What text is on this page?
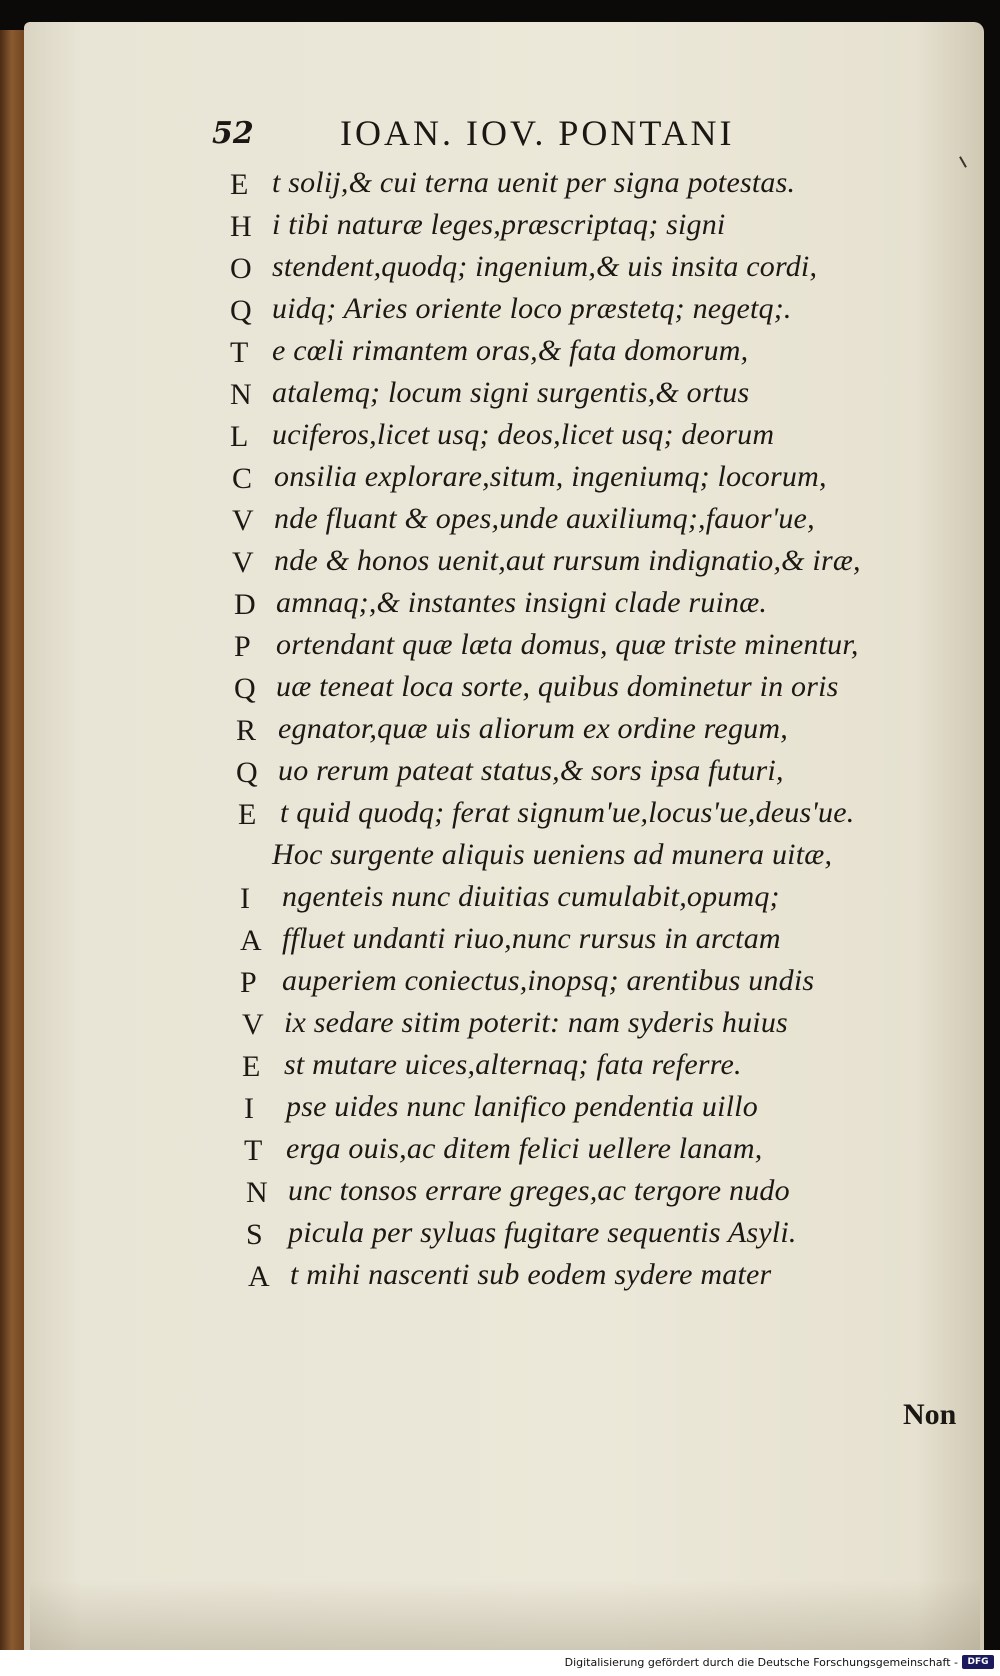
52 IOAN. IOV. PONTANI
E t solij,& cui terna uenit per signa potestas.
H i tibi naturæ leges,præscriptaq; signi
O stendent,quodq; ingenium,& uis insita cordi,
Q uidq; Aries oriente loco præstetq; negetq;.
T e cœli rimantem oras,& fata domorum,
N atalemq; locum signi surgentis,& ortus
L uciferos,licet usq; deos,licet usq; deorum
C onsilia explorare,situm, ingeniumq; locorum,
V nde fluant & opes,unde auxiliumq;,fauor'ue,
V nde & honos uenit,aut rursum indignatio,& iræ,
D amnaq;,& instantes insigni clade ruinæ.
P ortendant quæ læta domus, quæ triste minentur,
Q uæ teneat loca sorte, quibus dominetur in oris
R egnator,quæ uis aliorum ex ordine regum,
Q uo rerum pateat status,& sors ipsa futuri,
E t quid quodq; ferat signum'ue,locus'ue,deus'ue.
Hoc surgente aliquis ueniens ad munera uitæ,
I ngenteis nunc diuitias cumulabit,opumq;
A ffluet undanti riuo,nunc rursus in arctam
P auperiem coniectus,inopsq; arentibus undis
V ix sedare sitim poterit: nam syderis huius
E st mutare uices,alternaq; fata referre.
I pse uides nunc lanifico pendentia uillo
T erga ouis,ac ditem felici uellere lanam,
N unc tonsos errare greges,ac tergore nudo
S picula per syluas fugitare sequentis Asyli.
A t mihi nascenti sub eodem sydere mater
Non
Digitalisierung gefördert durch die Deutsche Forschungsgemeinschaft -	DFG
